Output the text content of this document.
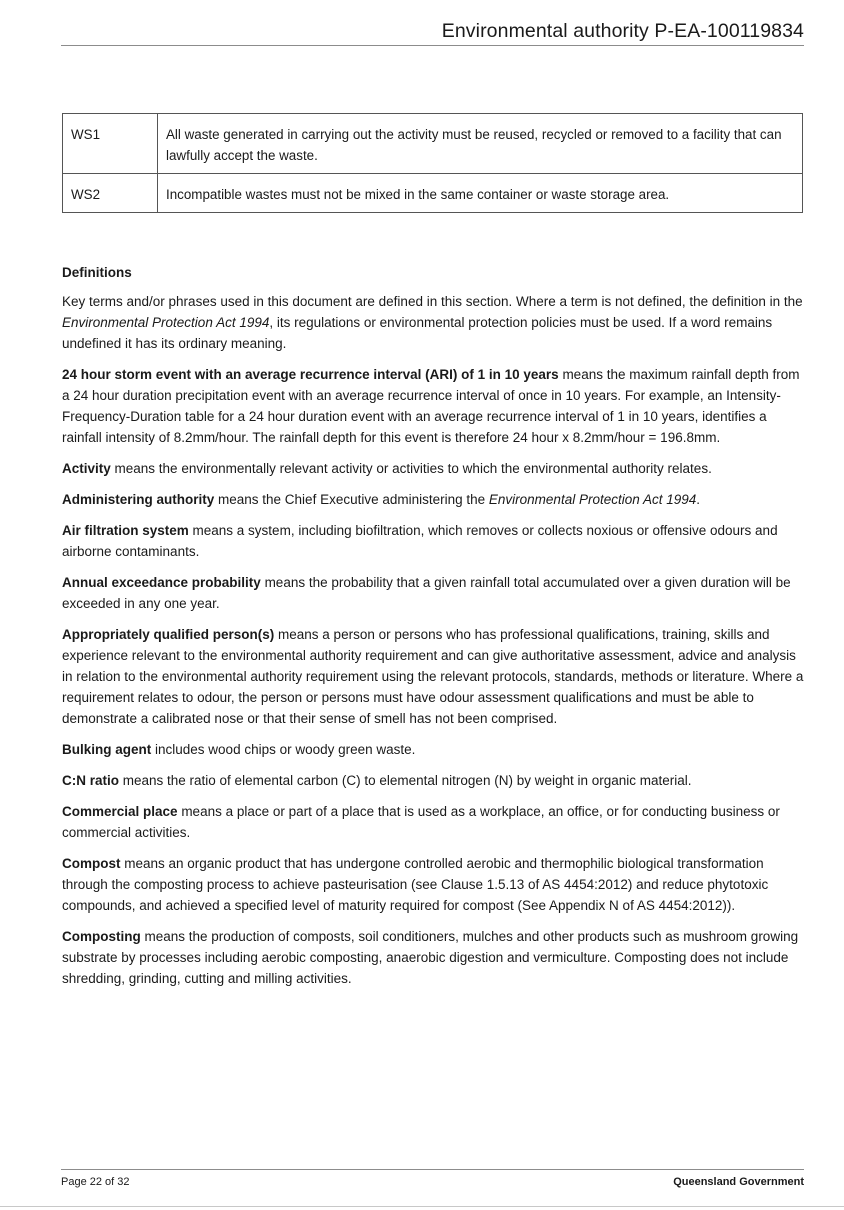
Environmental authority P-EA-100119834
WS1	All waste generated in carrying out the activity must be reused, recycled or removed to a facility that can lawfully accept the waste.
WS2	Incompatible wastes must not be mixed in the same container or waste storage area.
Definitions

Key terms and/or phrases used in this document are defined in this section. Where a term is not defined, the definition in the Environmental Protection Act 1994, its regulations or environmental protection policies must be used. If a word remains undefined it has its ordinary meaning.

24 hour storm event with an average recurrence interval (ARI) of 1 in 10 years means the maximum rainfall depth from a 24 hour duration precipitation event with an average recurrence interval of once in 10 years. For example, an Intensity-Frequency-Duration table for a 24 hour duration event with an average recurrence interval of 1 in 10 years, identifies a rainfall intensity of 8.2mm/hour. The rainfall depth for this event is therefore 24 hour x 8.2mm/hour = 196.8mm.

Activity means the environmentally relevant activity or activities to which the environmental authority relates.

Administering authority means the Chief Executive administering the Environmental Protection Act 1994.

Air filtration system means a system, including biofiltration, which removes or collects noxious or offensive odours and airborne contaminants.

Annual exceedance probability means the probability that a given rainfall total accumulated over a given duration will be exceeded in any one year.

Appropriately qualified person(s) means a person or persons who has professional qualifications, training, skills and experience relevant to the environmental authority requirement and can give authoritative assessment, advice and analysis in relation to the environmental authority requirement using the relevant protocols, standards, methods or literature. Where a requirement relates to odour, the person or persons must have odour assessment qualifications and must be able to demonstrate a calibrated nose or that their sense of smell has not been comprised.

Bulking agent includes wood chips or woody green waste.

C:N ratio means the ratio of elemental carbon (C) to elemental nitrogen (N) by weight in organic material.

Commercial place means a place or part of a place that is used as a workplace, an office, or for conducting business or commercial activities.

Compost means an organic product that has undergone controlled aerobic and thermophilic biological transformation through the composting process to achieve pasteurisation (see Clause 1.5.13 of AS 4454:2012) and reduce phytotoxic compounds, and achieved a specified level of maturity required for compost (See Appendix N of AS 4454:2012)).

Composting means the production of composts, soil conditioners, mulches and other products such as mushroom growing substrate by processes including aerobic composting, anaerobic digestion and vermiculture. Composting does not include shredding, grinding, cutting and milling activities.

Page 22 of 32	Queensland Government
